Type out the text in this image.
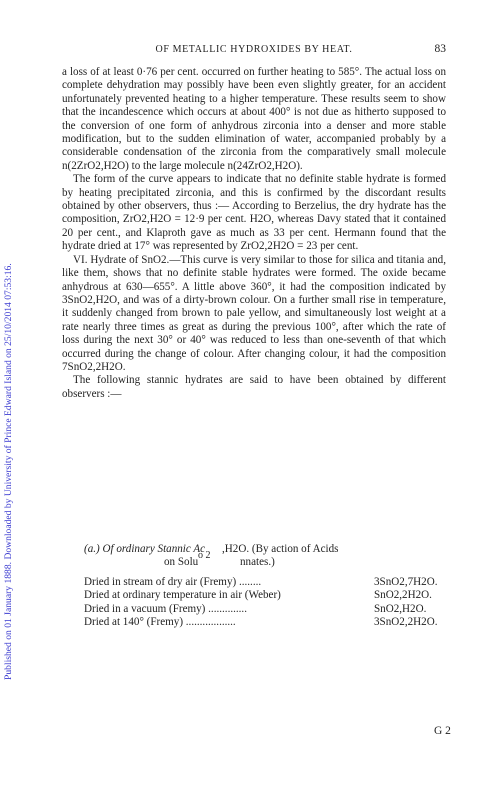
Published on 01 January 1888. Downloaded by University of Prince Edward Island on 25/10/2014 07:53:16.
OF METALLIC HYDROXIDES BY HEAT.	83

a loss of at least 0·76 per cent. occurred on further heating to 585°. The actual loss on complete dehydration may possibly have been even slightly greater, for an accident unfortunately prevented heating to a higher temperature. These results seem to show that the incandescence which occurs at about 400° is not due as hitherto supposed to the conversion of one form of anhydrous zirconia into a denser and more stable modification, but to the sudden elimination of water, accompanied probably by a considerable condensation of the zirconia from the comparatively small molecule n(2ZrO2,H2O) to the large molecule n(24ZrO2,H2O).

The form of the curve appears to indicate that no definite stable hydrate is formed by heating precipitated zirconia, and this is confirmed by the discordant results obtained by other observers, thus :— According to Berzelius, the dry hydrate has the composition, ZrO2,H2O = 12·9 per cent. H2O, whereas Davy stated that it contained 20 per cent., and Klaproth gave as much as 33 per cent. Hermann found that the hydrate dried at 17° was represented by ZrO2,2H2O = 23 per cent.

VI. Hydrate of SnO2.—This curve is very similar to those for silica and titania and, like them, shows that no definite stable hydrates were formed. The oxide became anhydrous at 630—655°. A little above 360°, it had the composition indicated by 3SnO2,H2O, and was of a dirty-brown colour. On a further small rise in temperature, it suddenly changed from brown to pale yellow, and simultaneously lost weight at a rate nearly three times as great as during the previous 100°, after which the rate of loss during the next 30° or 40° was reduced to less than one-seventh of that which occurred during the change of colour. After changing colour, it had the composition 7SnO2,2H2O.

The following stannic hydrates are said to have been obtained by different observers :—

(a.) Of ordinary Stannic Ac
o 2
,H2O. (By action of Acids
on Solu	nnates.)
Dried in stream of dry air (Fremy) ........	3SnO2,7H2O.
Dried at ordinary temperature in air (Weber)	SnO2,2H2O.
Dried in a vacuum (Fremy) ..............	SnO2,H2O.
Dried at 140° (Fremy) ..................	3SnO2,2H2O.
G 2
